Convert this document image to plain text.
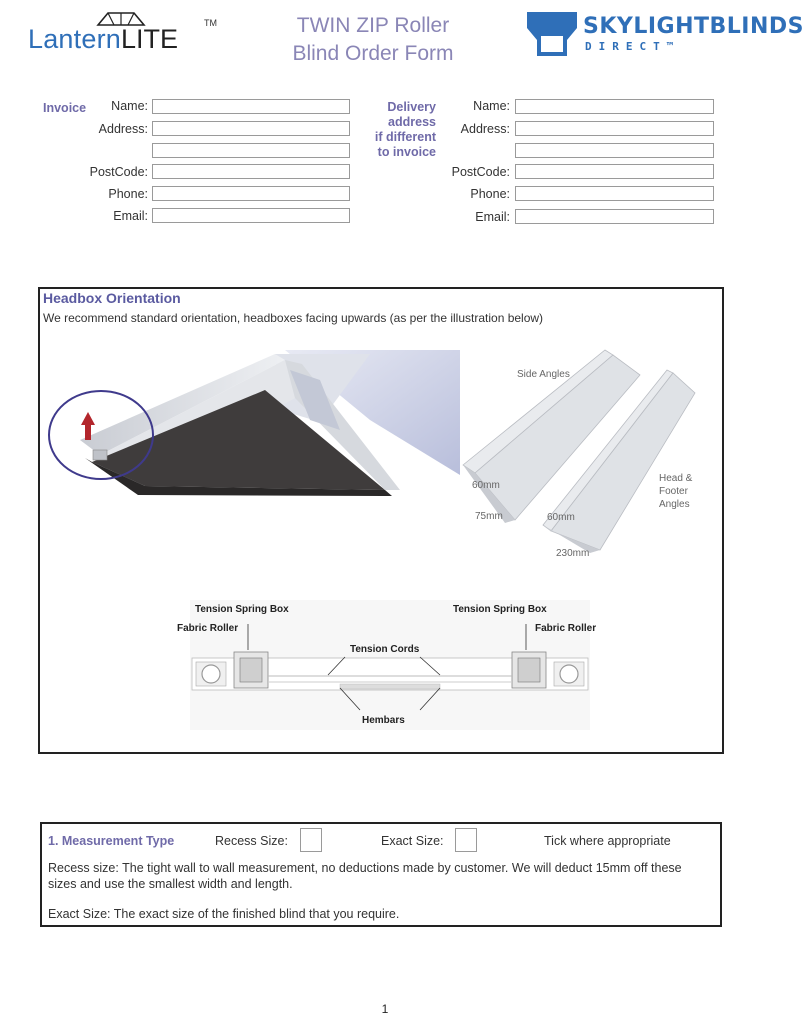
LanternLITE
TM	TWIN ZIP Roller
Blind Order Form
SKYLIGHTBLINDS
DIRECT™
Invoice	Name:
Address:
PostCode:
Phone:
Email:
Delivery
address
if different
to invoice
Name:
Address:
PostCode:
Phone:
Email:
Headbox Orientation
We recommend standard orientation, headboxes facing upwards (as per the illustration below)
Side Angles
Head &
Footer
Angles
60mm
75mm	60mm
230mm
Tension Spring Box	Tension Spring Box
Fabric Roller	Fabric Roller
Tension Cords
Hembars
1. Measurement Type	Recess Size:	Exact Size:	Tick where appropriate
Recess size: The tight wall to wall measurement, no deductions made by customer. We will deduct 15mm off these
sizes and use the smallest width and length.
Exact Size: The exact size of the finished blind that you require.
1
